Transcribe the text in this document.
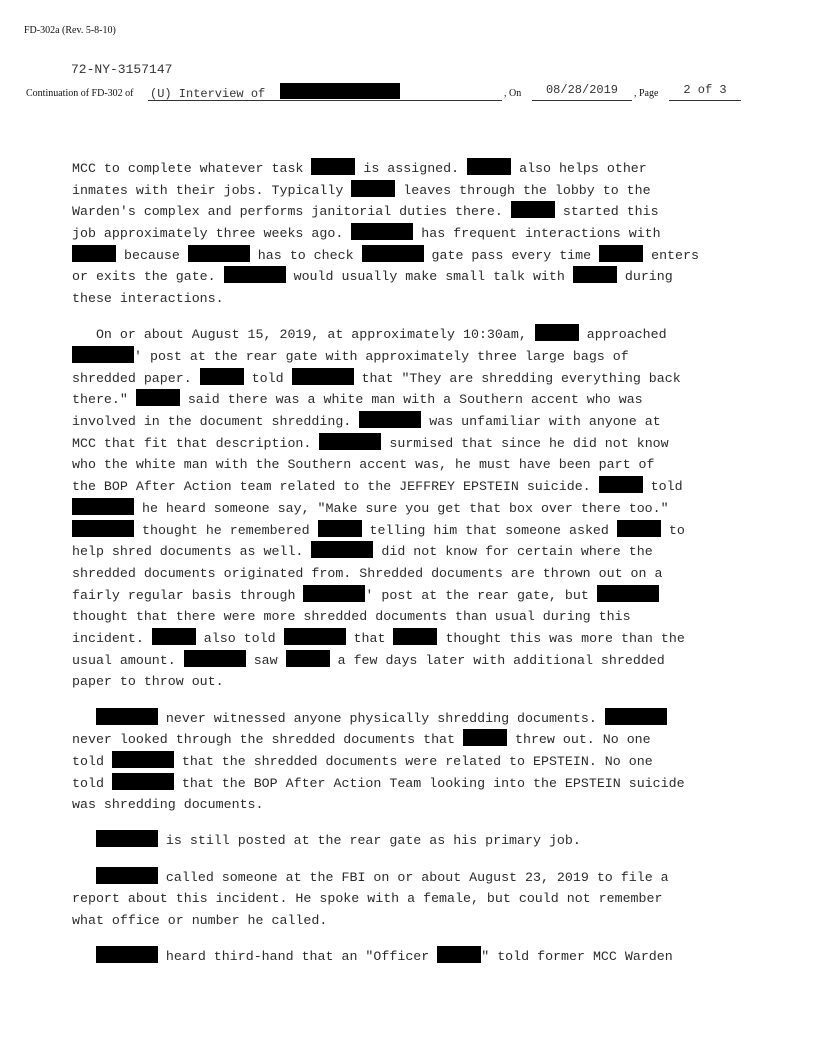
FD-302a (Rev. 5-8-10)
72-NY-3157147
Continuation of FD-302 of (U) Interview of	, On	08/28/2019	, Page	2 of 3
MCC to complete whatever task	is assigned.	also helps other
inmates with their jobs. Typically	leaves through the lobby to the
Warden's complex and performs janitorial duties there.	started this
job approximately three weeks ago.	has frequent interactions with
because	has to check	gate pass every time	enters
or exits the gate.	would usually make small talk with	during
these interactions.
On or about August 15, 2019, at approximately 10:30am,	approached
' post at the rear gate with approximately three large bags of
shredded paper.	told	that "They are shredding everything back
there."	said there was a white man with a Southern accent who was
involved in the document shredding.	was unfamiliar with anyone at
MCC that fit that description.	surmised that since he did not know
who the white man with the Southern accent was, he must have been part of
the BOP After Action team related to the JEFFREY EPSTEIN suicide.	told
he heard someone say, "Make sure you get that box over there too."
thought he remembered	telling him that someone asked	to
help shred documents as well.	did not know for certain where the
shredded documents originated from. Shredded documents are thrown out on a
fairly regular basis through	' post at the rear gate, but
thought that there were more shredded documents than usual during this
incident.	also told	that	thought this was more than the
usual amount.	saw	a few days later with additional shredded
paper to throw out.
never witnessed anyone physically shredding documents.
never looked through the shredded documents that	threw out. No one
told	that the shredded documents were related to EPSTEIN. No one
told	that the BOP After Action Team looking into the EPSTEIN suicide
was shredding documents.
is still posted at the rear gate as his primary job.
called someone at the FBI on or about August 23, 2019 to file a
report about this incident. He spoke with a female, but could not remember
what office or number he called.
heard third-hand that an "Officer	" told former MCC Warden
